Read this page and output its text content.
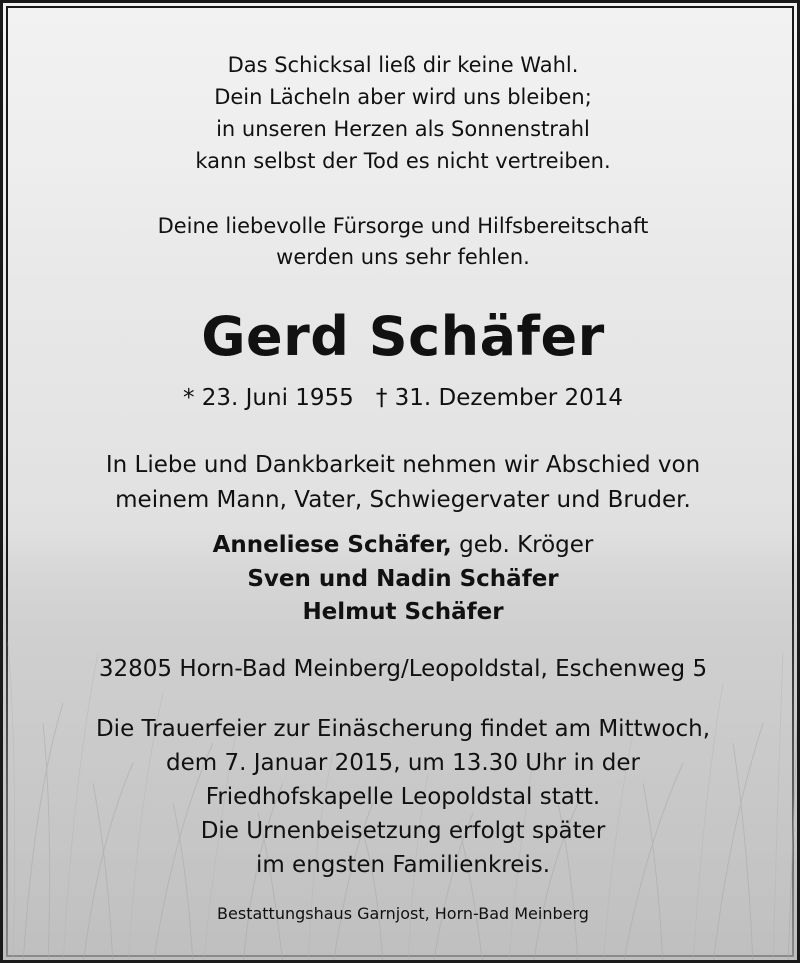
Das Schicksal ließ dir keine Wahl.
Dein Lächeln aber wird uns bleiben;
in unseren Herzen als Sonnenstrahl
kann selbst der Tod es nicht vertreiben.
Deine liebevolle Fürsorge und Hilfsbereitschaft
werden uns sehr fehlen.
Gerd Schäfer
* 23. Juni 1955 † 31. Dezember 2014
In Liebe und Dankbarkeit nehmen wir Abschied von
meinem Mann, Vater, Schwiegervater und Bruder.
Anneliese Schäfer, geb. Kröger
Sven und Nadin Schäfer
Helmut Schäfer
32805 Horn-Bad Meinberg/Leopoldstal, Eschenweg 5
Die Trauerfeier zur Einäscherung findet am Mittwoch,
dem 7. Januar 2015, um 13.30 Uhr in der
Friedhofskapelle Leopoldstal statt.
Die Urnenbeisetzung erfolgt später
im engsten Familienkreis.
Bestattungshaus Garnjost, Horn-Bad Meinberg
